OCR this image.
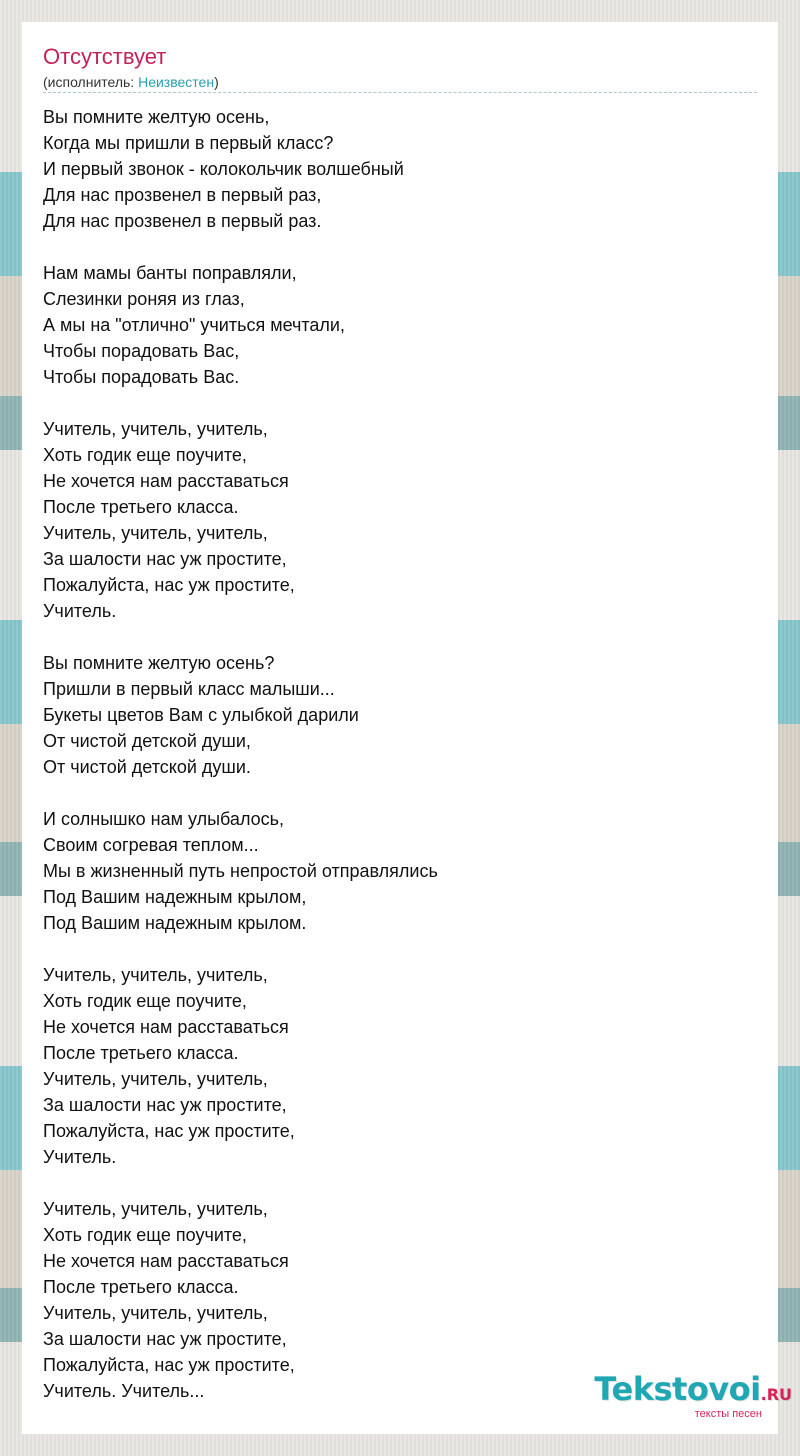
Отсутствует
(исполнитель: Неизвестен)
Вы помните желтую осень,
Когда мы пришли в первый класс?
И первый звонок - колокольчик волшебный
Для нас прозвенел в первый раз,
Для нас прозвенел в первый раз.
Нам мамы банты поправляли,
Слезинки роняя из глаз,
А мы на "отлично" учиться мечтали,
Чтобы порадовать Вас,
Чтобы порадовать Вас.
Учитель, учитель, учитель,
Хоть годик еще поучите,
Не хочется нам расставаться
После третьего класса.
Учитель, учитель, учитель,
За шалости нас уж простите,
Пожалуйста, нас уж простите,
Учитель.
Вы помните желтую осень?
Пришли в первый класс малыши...
Букеты цветов Вам с улыбкой дарили
От чистой детской души,
От чистой детской души.
И солнышко нам улыбалось,
Своим согревая теплом...
Мы в жизненный путь непростой отправлялись
Под Вашим надежным крылом,
Под Вашим надежным крылом.
Учитель, учитель, учитель,
Хоть годик еще поучите,
Не хочется нам расставаться
После третьего класса.
Учитель, учитель, учитель,
За шалости нас уж простите,
Пожалуйста, нас уж простите,
Учитель.
Учитель, учитель, учитель,
Хоть годик еще поучите,
Не хочется нам расставаться
После третьего класса.
Учитель, учитель, учитель,
За шалости нас уж простите,
Пожалуйста, нас уж простите,
Учитель. Учитель...	Tekstovoi.RU
тексты песен
